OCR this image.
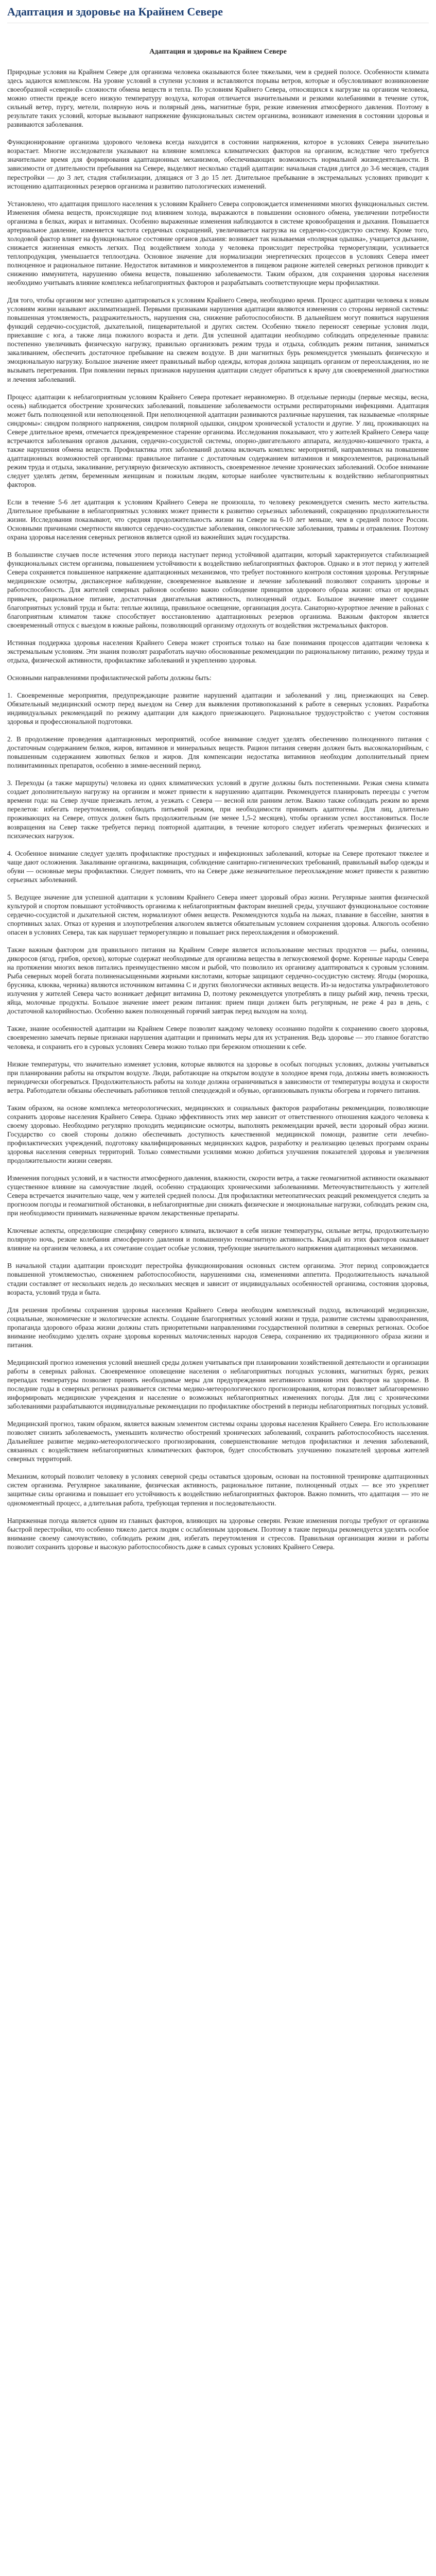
Адаптация и здоровье на Крайнем Севере
Адаптация и здоровье на Крайнем Севере

Природные условия на Крайнем Севере для организма человека оказываются более тяжелыми, чем в средней полосе. Особенности климата здесь задаются комплексом. На уровне условий в ступени условия и вставляются порывы ветров, которые и обусловливают возникновение своеобразной «северной» сложности обмена веществ и тепла. По условиям Крайнего Севера, относящихся к нагрузке на организм человека, можно отнести прежде всего низкую температуру воздуха, которая отличается значительными и резкими колебаниями в течение суток, сильный ветер, пургу, метели, полярную ночь и полярный день, магнитные бури, резкие изменения атмосферного давления. Поэтому в результате таких условий, которые вызывают напряжение функциональных систем организма, возникают изменения в состоянии здоровья и развиваются заболевания.

Функционирование организма здорового человека всегда находится в состоянии напряжения, которое в условиях Севера значительно возрастает. Многие исследователи указывают на влияние комплекса климатических факторов на организм, вследствие чего требуется значительное время для формирования адаптационных механизмов, обеспечивающих возможность нормальной жизнедеятельности. В зависимости от длительности пребывания на Севере, выделяют несколько стадий адаптации: начальная стадия длится до 3-6 месяцев, стадия перестройки — до 3 лет, стадия стабилизации, длящаяся от 3 до 15 лет. Длительное пребывание в экстремальных условиях приводит к истощению адаптационных резервов организма и развитию патологических изменений.

Установлено, что адаптация пришлого населения к условиям Крайнего Севера сопровождается изменениями многих функциональных систем. Изменения обмена веществ, происходящие под влиянием холода, выражаются в повышении основного обмена, увеличении потребности организма в белках, жирах и витаминах. Особенно выраженные изменения наблюдаются в системе кровообращения и дыхания. Повышается артериальное давление, изменяется частота сердечных сокращений, увеличивается нагрузка на сердечно-сосудистую систему. Кроме того, холодовой фактор влияет на функциональное состояние органов дыхания: возникает так называемая «полярная одышка», учащается дыхание, снижается жизненная емкость легких. Под воздействием холода у человека происходит перестройка терморегуляции, усиливается теплопродукция, уменьшается теплоотдача. Основное значение для нормализации энергетических процессов в условиях Севера имеет полноценное и рациональное питание. Недостаток витаминов и микроэлементов в пищевом рационе жителей северных регионов приводит к снижению иммунитета, нарушению обмена веществ, повышению заболеваемости. Таким образом, для сохранения здоровья населения необходимо учитывать влияние комплекса неблагоприятных факторов и разрабатывать соответствующие меры профилактики.

Для того, чтобы организм мог успешно адаптироваться к условиям Крайнего Севера, необходимо время. Процесс адаптации человека к новым условиям жизни называют акклиматизацией. Первыми признаками нарушения адаптации являются изменения со стороны нервной системы: повышенная утомляемость, раздражительность, нарушения сна, снижение работоспособности. В дальнейшем могут появиться нарушения функций сердечно-сосудистой, дыхательной, пищеварительной и других систем. Особенно тяжело переносят северные условия люди, приехавшие с юга, а также лица пожилого возраста и дети. Для успешной адаптации необходимо соблюдать определенные правила: постепенно увеличивать физическую нагрузку, правильно организовать режим труда и отдыха, соблюдать режим питания, заниматься закаливанием, обеспечить достаточное пребывание на свежем воздухе. В дни магнитных бурь рекомендуется уменьшать физическую и эмоциональную нагрузку. Большое значение имеет правильный выбор одежды, которая должна защищать организм от переохлаждения, но не вызывать перегревания. При появлении первых признаков нарушения адаптации следует обратиться к врачу для своевременной диагностики и лечения заболеваний.

Процесс адаптации к неблагоприятным условиям Крайнего Севера протекает неравномерно. В отдельные периоды (первые месяцы, весна, осень) наблюдается обострение хронических заболеваний, повышение заболеваемости острыми респираторными инфекциями. Адаптация может быть полноценной или неполноценной. При неполноценной адаптации развиваются различные нарушения, так называемые «полярные синдромы»: синдром полярного напряжения, синдром полярной одышки, синдром хронической усталости и другие. У лиц, проживающих на Севере длительное время, отмечается преждевременное старение организма. Исследования показывают, что у жителей Крайнего Севера чаще встречаются заболевания органов дыхания, сердечно-сосудистой системы, опорно-двигательного аппарата, желудочно-кишечного тракта, а также нарушения обмена веществ. Профилактика этих заболеваний должна включать комплекс мероприятий, направленных на повышение адаптационных возможностей организма: правильное питание с достаточным содержанием витаминов и микроэлементов, рациональный режим труда и отдыха, закаливание, регулярную физическую активность, своевременное лечение хронических заболеваний. Особое внимание следует уделять детям, беременным женщинам и пожилым людям, которые наиболее чувствительны к воздействию неблагоприятных факторов.

Если в течение 5-6 лет адаптация к условиям Крайнего Севера не произошла, то человеку рекомендуется сменить место жительства. Длительное пребывание в неблагоприятных условиях может привести к развитию серьезных заболеваний, сокращению продолжительности жизни. Исследования показывают, что средняя продолжительность жизни на Севере на 6-10 лет меньше, чем в средней полосе России. Основными причинами смертности являются сердечно-сосудистые заболевания, онкологические заболевания, травмы и отравления. Поэтому охрана здоровья населения северных регионов является одной из важнейших задач государства.

В большинстве случаев после истечения этого периода наступает период устойчивой адаптации, который характеризуется стабилизацией функциональных систем организма, повышением устойчивости к воздействию неблагоприятных факторов. Однако и в этот период у жителей Севера сохраняется повышенное напряжение адаптационных механизмов, что требует постоянного контроля состояния здоровья. Регулярные медицинские осмотры, диспансерное наблюдение, своевременное выявление и лечение заболеваний позволяют сохранить здоровье и работоспособность. Для жителей северных районов особенно важно соблюдение принципов здорового образа жизни: отказ от вредных привычек, рациональное питание, достаточная двигательная активность, полноценный отдых. Большое значение имеет создание благоприятных условий труда и быта: теплые жилища, правильное освещение, организация досуга. Санаторно-курортное лечение в районах с благоприятным климатом также способствует восстановлению адаптационных резервов организма. Важным фактором является своевременный отпуск с выездом в южные районы, позволяющий организму отдохнуть от воздействия экстремальных факторов.

Истинная поддержка здоровья населения Крайнего Севера может строиться только на базе понимания процессов адаптации человека к экстремальным условиям. Эти знания позволят разработать научно обоснованные рекомендации по рациональному питанию, режиму труда и отдыха, физической активности, профилактике заболеваний и укреплению здоровья.

Основными направлениями профилактической работы должны быть:

1. Своевременные мероприятия, предупреждающие развитие нарушений адаптации и заболеваний у лиц, приезжающих на Север. Обязательный медицинский осмотр перед выездом на Север для выявления противопоказаний к работе в северных условиях. Разработка индивидуальных рекомендаций по режиму адаптации для каждого приезжающего. Рациональное трудоустройство с учетом состояния здоровья и профессиональной подготовки.

2. В продолжение проведения адаптационных мероприятий, особое внимание следует уделять обеспечению полноценного питания с достаточным содержанием белков, жиров, витаминов и минеральных веществ. Рацион питания северян должен быть высококалорийным, с повышенным содержанием животных белков и жиров. Для компенсации недостатка витаминов необходим дополнительный прием поливитаминных препаратов, особенно в зимне-весенний период.

3. Переходы (а также маршруты) человека из одних климатических условий в другие должны быть постепенными. Резкая смена климата создает дополнительную нагрузку на организм и может привести к нарушению адаптации. Рекомендуется планировать переезды с учетом времени года: на Север лучше приезжать летом, а уезжать с Севера — весной или ранним летом. Важно также соблюдать режим во время перелетов: избегать переутомления, соблюдать питьевой режим, при необходимости принимать адаптогены. Для лиц, длительно проживающих на Севере, отпуск должен быть продолжительным (не менее 1,5-2 месяцев), чтобы организм успел восстановиться. После возвращения на Север также требуется период повторной адаптации, в течение которого следует избегать чрезмерных физических и психических нагрузок.

4. Особенное внимание следует уделять профилактике простудных и инфекционных заболеваний, которые на Севере протекают тяжелее и чаще дают осложнения. Закаливание организма, вакцинация, соблюдение санитарно-гигиенических требований, правильный выбор одежды и обуви — основные меры профилактики. Следует помнить, что на Севере даже незначительное переохлаждение может привести к развитию серьезных заболеваний.

5. Ведущее значение для успешной адаптации к условиям Крайнего Севера имеет здоровый образ жизни. Регулярные занятия физической культурой и спортом повышают устойчивость организма к неблагоприятным факторам внешней среды, улучшают функциональное состояние сердечно-сосудистой и дыхательной систем, нормализуют обмен веществ. Рекомендуются ходьба на лыжах, плавание в бассейне, занятия в спортивных залах. Отказ от курения и злоупотребления алкоголем является обязательным условием сохранения здоровья. Алкоголь особенно опасен в условиях Севера, так как нарушает терморегуляцию и повышает риск переохлаждения и обморожений.

Также важным фактором для правильного питания на Крайнем Севере является использование местных продуктов — рыбы, оленины, дикоросов (ягод, грибов, орехов), которые содержат необходимые для организма вещества в легкоусвояемой форме. Коренные народы Севера на протяжении многих веков питались преимущественно мясом и рыбой, что позволило их организму адаптироваться к суровым условиям. Рыба северных морей богата полиненасыщенными жирными кислотами, которые защищают сердечно-сосудистую систему. Ягоды (морошка, брусника, клюква, черника) являются источником витамина С и других биологически активных веществ. Из-за недостатка ультрафиолетового излучения у жителей Севера часто возникает дефицит витамина D, поэтому рекомендуется употреблять в пищу рыбий жир, печень трески, яйца, молочные продукты. Большое значение имеет режим питания: прием пищи должен быть регулярным, не реже 4 раз в день, с достаточной калорийностью. Особенно важен полноценный горячий завтрак перед выходом на холод.

Также, знание особенностей адаптации на Крайнем Севере позволит каждому человеку осознанно подойти к сохранению своего здоровья, своевременно замечать первые признаки нарушения адаптации и принимать меры для их устранения. Ведь здоровье — это главное богатство человека, и сохранить его в суровых условиях Севера можно только при бережном отношении к себе.

Низкие температуры, что значительно изменяет условия, которые являются на здоровье в особых погодных условиях, должны учитываться при планировании работы на открытом воздухе. Люди, работающие на открытом воздухе в холодное время года, должны иметь возможность периодически обогреваться. Продолжительность работы на холоде должна ограничиваться в зависимости от температуры воздуха и скорости ветра. Работодатели обязаны обеспечивать работников теплой спецодеждой и обувью, организовывать пункты обогрева и горячего питания.

Таким образом, на основе комплекса метеорологических, медицинских и социальных факторов разработаны рекомендации, позволяющие сохранить здоровье населения Крайнего Севера. Однако эффективность этих мер зависит от ответственного отношения каждого человека к своему здоровью. Необходимо регулярно проходить медицинские осмотры, выполнять рекомендации врачей, вести здоровый образ жизни. Государство со своей стороны должно обеспечивать доступность качественной медицинской помощи, развитие сети лечебно-профилактических учреждений, подготовку квалифицированных медицинских кадров, разработку и реализацию целевых программ охраны здоровья населения северных территорий. Только совместными усилиями можно добиться улучшения показателей здоровья и увеличения продолжительности жизни северян.

Изменения погодных условий, и в частности атмосферного давления, влажности, скорости ветра, а также геомагнитной активности оказывают существенное влияние на самочувствие людей, особенно страдающих хроническими заболеваниями. Метеочувствительность у жителей Севера встречается значительно чаще, чем у жителей средней полосы. Для профилактики метеопатических реакций рекомендуется следить за прогнозом погоды и геомагнитной обстановки, в неблагоприятные дни снижать физические и эмоциональные нагрузки, соблюдать режим сна, при необходимости принимать назначенные врачом лекарственные препараты.

Ключевые аспекты, определяющие специфику северного климата, включают в себя низкие температуры, сильные ветры, продолжительную полярную ночь, резкие колебания атмосферного давления и повышенную геомагнитную активность. Каждый из этих факторов оказывает влияние на организм человека, а их сочетание создает особые условия, требующие значительного напряжения адаптационных механизмов.

В начальной стадии адаптации происходит перестройка функционирования основных систем организма. Этот период сопровождается повышенной утомляемостью, снижением работоспособности, нарушениями сна, изменениями аппетита. Продолжительность начальной стадии составляет от нескольких недель до нескольких месяцев и зависит от индивидуальных особенностей организма, состояния здоровья, возраста, условий труда и быта.

Для решения проблемы сохранения здоровья населения Крайнего Севера необходим комплексный подход, включающий медицинские, социальные, экономические и экологические аспекты. Создание благоприятных условий жизни и труда, развитие системы здравоохранения, пропаганда здорового образа жизни должны стать приоритетными направлениями государственной политики в северных регионах. Особое внимание необходимо уделять охране здоровья коренных малочисленных народов Севера, сохранению их традиционного образа жизни и питания.

Медицинский прогноз изменения условий внешней среды должен учитываться при планировании хозяйственной деятельности и организации работы в северных районах. Своевременное оповещение населения о неблагоприятных погодных условиях, магнитных бурях, резких перепадах температуры позволяет принять необходимые меры для предупреждения негативного влияния этих факторов на здоровье. В последние годы в северных регионах развивается система медико-метеорологического прогнозирования, которая позволяет заблаговременно информировать медицинские учреждения и население о возможных неблагоприятных изменениях погоды. Для лиц с хроническими заболеваниями разрабатываются индивидуальные рекомендации по профилактике обострений в периоды неблагоприятных погодных условий.

Медицинский прогноз, таким образом, является важным элементом системы охраны здоровья населения Крайнего Севера. Его использование позволяет снизить заболеваемость, уменьшить количество обострений хронических заболеваний, сохранить работоспособность населения. Дальнейшее развитие медико-метеорологического прогнозирования, совершенствование методов профилактики и лечения заболеваний, связанных с воздействием неблагоприятных климатических факторов, будет способствовать улучшению показателей здоровья жителей северных территорий.

Механизм, который позволит человеку в условиях северной среды оставаться здоровым, основан на постоянной тренировке адаптационных систем организма. Регулярное закаливание, физическая активность, рациональное питание, полноценный отдых — все это укрепляет защитные силы организма и повышает его устойчивость к воздействию неблагоприятных факторов. Важно помнить, что адаптация — это не одномоментный процесс, а длительная работа, требующая терпения и последовательности.

Напряженная погода является одним из главных факторов, влияющих на здоровье северян. Резкие изменения погоды требуют от организма быстрой перестройки, что особенно тяжело дается людям с ослабленным здоровьем. Поэтому в такие периоды рекомендуется уделять особое внимание своему самочувствию, соблюдать режим дня, избегать переутомления и стрессов. Правильная организация жизни и работы позволит сохранить здоровье и высокую работоспособность даже в самых суровых условиях Крайнего Севера.
